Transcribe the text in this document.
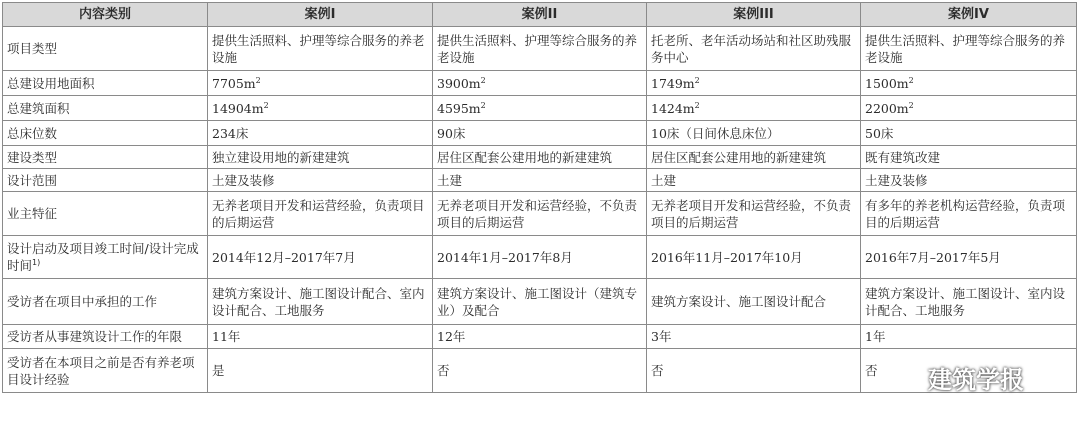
内容类别	案例I	案例II	案例III	案例IV
项目类型	提供生活照料、护理等综合服务的养老设施	提供生活照料、护理等综合服务的养老设施	托老所、老年活动场站和社区助残服务中心	提供生活照料、护理等综合服务的养老设施
总建设用地面积	$7705m^2$	$3900m^2$	$1749m^2$	$1500m^2$
总建筑面积	$14904m^2$	$4595m^2$	$1424m^2$	$2200m^2$
总床位数	234床	90床	10床（日间休息床位）	50床
建设类型	独立建设用地的新建建筑	居住区配套公建用地的新建建筑	居住区配套公建用地的新建建筑	既有建筑改建
设计范围	土建及装修	土建	土建	土建及装修
业主特征	无养老项目开发和运营经验，负责项目的后期运营	无养老项目开发和运营经验，不负责项目的后期运营	无养老项目开发和运营经验，不负责项目的后期运营	有多年的养老机构运营经验，负责项目的后期运营
设计启动及项目竣工时间/设计完成时间$^{1)}$	2014年12月–2017年7月	2014年1月–2017年8月	2016年11月–2017年10月	2016年7月–2017年5月
受访者在项目中承担的工作	建筑方案设计、施工图设计配合、室内设计配合、工地服务	建筑方案设计、施工图设计（建筑专业）及配合	建筑方案设计、施工图设计配合	建筑方案设计、施工图设计、室内设计配合、工地服务
受访者从事建筑设计工作的年限	11年	12年	3年	1年
受访者在本项目之前是否有养老项目设计经验	是	否	否	否 建筑学报
